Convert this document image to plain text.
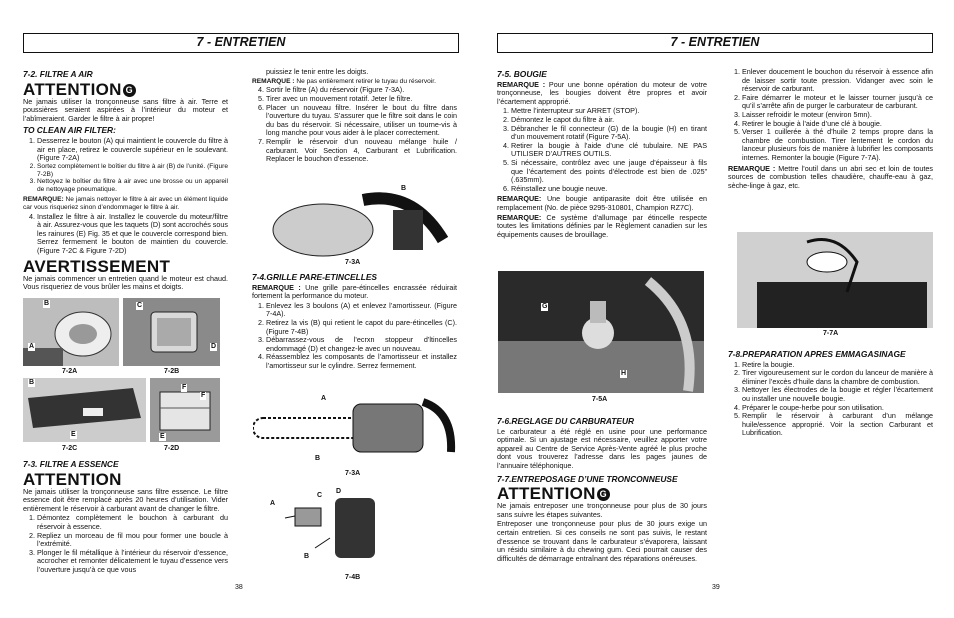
7 - ENTRETIEN	7 - ENTRETIEN
7-2. FILTRE A AIR
ATTENTION G

Ne jamais utiliser la tronçonneuse sans filtre à air. Terre et poussières seraient aspirées à l’intérieur du moteur et l’abîmeraient. Garder le filtre à air propre!

TO CLEAN AIR FILTER:
1. Desserrez le bouton (A) qui maintient le couvercle du filtre à air en place, retirez le couvercle supérieur en le soulevant. (Figure 7-2A)
2. Sortez complètement le boîtier du filtre à air (B) de l’unité. (Figure 7-2B)
3. Nettoyez le boîtier du filtre à air avec une brosse ou un appareil de nettoyage pneumatique.

REMARQUE: Ne jamais nettoyer le filtre à air avec un élément liquide car vous risqueriez sinon d’endommager le filtre à air.

4. Installez le filtre à air. Installez le couvercle du moteur/filtre à air. Assurez-vous que les taquets (D) sont accrochés sous les rainures (E) Fig. 35 et que le couvercle correspond bien. Serrez fermement le bouton de maintien du couvercle. (Figure 7-2C & Figure 7-2D)
AVERTISSEMENT

Ne jamais commencer un entretien quand le moteur est chaud. Vous risqueriez de vous brûler les mains et doigts.

B
A
C
D
7-2A	7-2B
B
E
F
F
E
7-2C	7-2D
7-3. FILTRE A ESSENCE
ATTENTION

Ne jamais utiliser la tronçonneuse sans filtre essence. Le filtre essence doit être remplacé après 20 heures d’utilisation. Vider entièrement le réservoir à carburant avant de changer le filtre.

1. Démontez complètement le bouchon à carburant du réservoir à essence.
2. Repliez un morceau de fil mou pour former une boucle à l’extrémité.
3. Plonger le fil métallique à l’intérieur du réservoir d’essence, accrocher et remonter délicatement le tuyau d’essence vers l’ouverture jusqu’à ce que vous
38

puissiez le tenir entre les doigts.

REMARQUE : Ne pas entièrement retirer le tuyau du réservoir.

4. Sortir le filtre (A) du réservoir (Figure 7-3A).
5. Tirer avec un mouvement rotatif. Jeter le filtre.
6. Placer un nouveau filtre. Insérer le bout du filtre dans l’ouverture du tuyau. S’assurer que le filtre soit dans le coin du bas du réservoir. Si nécessaire, utiliser un tourne-vis à long manche pour vous aider à le placer correctement.
7. Remplir le réservoir d’un nouveau mélange huile / carburant. Voir Section 4, Carburant et Lubrification. Replacer le bouchon d’essence.
B
7-3A
7-4.GRILLE PARE-ETINCELLES

REMARQUE : Une grille pare-étincelles encrassée réduirait fortement la performance du moteur.

1. Enlevez les 3 boulons (A) et enlevez l’amortisseur. (Figure 7-4A).
2. Retirez la vis (B) qui retient le capot du pare-étincelles (C). (Figure 7-4B)
3. Débarrassez-vous de l’ecrxn stoppeur d’ltincelles endommagé (D) et changez-le avec un nouveau.
4. Réassemblez les composants de l’amortisseur et installez l’amortisseur sur le cylindre. Serrez fermement.
A
B
7-3A
A
C
D
B
7-4B
7-5. BOUGIE

REMARQUE : Pour une bonne opération du moteur de votre tronçonneuse, les bougies doivent être propres et avoir l’écartement approprié.

1. Mettre l’interrupteur sur ARRET (STOP).
2. Démontez le capot du filtre à air.
3. Débrancher le fil connecteur (G) de la bougie (H) en tirant d’un mouvement rotatif (Figure 7-5A).
4. Retirer la bougie à l’aide d’une clé tubulaire. NE PAS UTILISER D’AUTRES OUTILS.
5. Si nécessaire, contrôlez avec une jauge d’épaisseur à fils que l’écartement des points d’électrode est bien de .025” (.635mm).
6. Réinstallez une bougie neuve.

REMARQUE: Une bougie antiparasite doit être utilisée en remplacement (No. de pièce 9295-310801, Champion RZ7C).

REMARQUE: Ce système d’allumage par étincelle respecte toutes les limitations définies par le Règlement canadien sur les équipements causes de brouillage.

G
H
7-5A
7-6.REGLAGE DU CARBURATEUR

Le carburateur a été réglé en usine pour une performance optimale. Si un ajustage est nécessaire, veuillez apporter votre appareil au Centre de Service Après-Vente agréé le plus proche dont vous trouverez l’adresse dans les pages jaunes de l’annuaire téléphonique.

7-7.ENTREPOSAGE D’UNE TRONCONNEUSE
ATTENTION G

Ne jamais entreposer une tronçonneuse pour plus de 30 jours sans suivre les étapes suivantes.

Entreposer une tronçonneuse pour plus de 30 jours exige un certain entretien. Si ces conseils ne sont pas suivis, le restant d’essence se trouvant dans le carburateur s’évaporera, laissant un résidu similaire à du chewing gum. Ceci pourrait causer des difficultés de démarrage entraînant des réparations onéreuses.

1. Enlever doucement le bouchon du réservoir à essence afin de laisser sortir toute pression. Vidanger avec soin le réservoir de carburant.
2. Faire démarrer le moteur et le laisser tourner jusqu’à ce qu’il s’arrête afin de purger le carburateur de carburant.
3. Laisser refroidir le moteur (environ 5mn).
4. Retirer le bougie à l’aide d’une clé à bougie.
5. Verser 1 cuillerée à thé d’huile 2 temps propre dans la chambre de combustion. Tirer lentement le cordon du lanceur plusieurs fois de manière à lubrifier les composants internes. Remonter la bougie (Figure 7-7A).

REMARQUE : Mettre l’outil dans un abri sec et loin de toutes sources de combustion telles chaudière, chauffe-eau à gaz, sèche-linge à gaz, etc.

7-7A
7-8.PREPARATION APRES EMMAGASINAGE
1. Retire la bougie.
2. Tirer vigoureusement sur le cordon du lanceur de manière à éliminer l’excès d’huile dans la chambre de combustion.
3. Nettoyer les électrodes de la bougie et régler l’écartement ou installer une nouvelle bougie.
4. Préparer le coupe-herbe pour son utilisation.
5. Remplir le réservoir à carburant d’un mélange huile/essence approprié. Voir la section Carburant et Lubrification.
39
